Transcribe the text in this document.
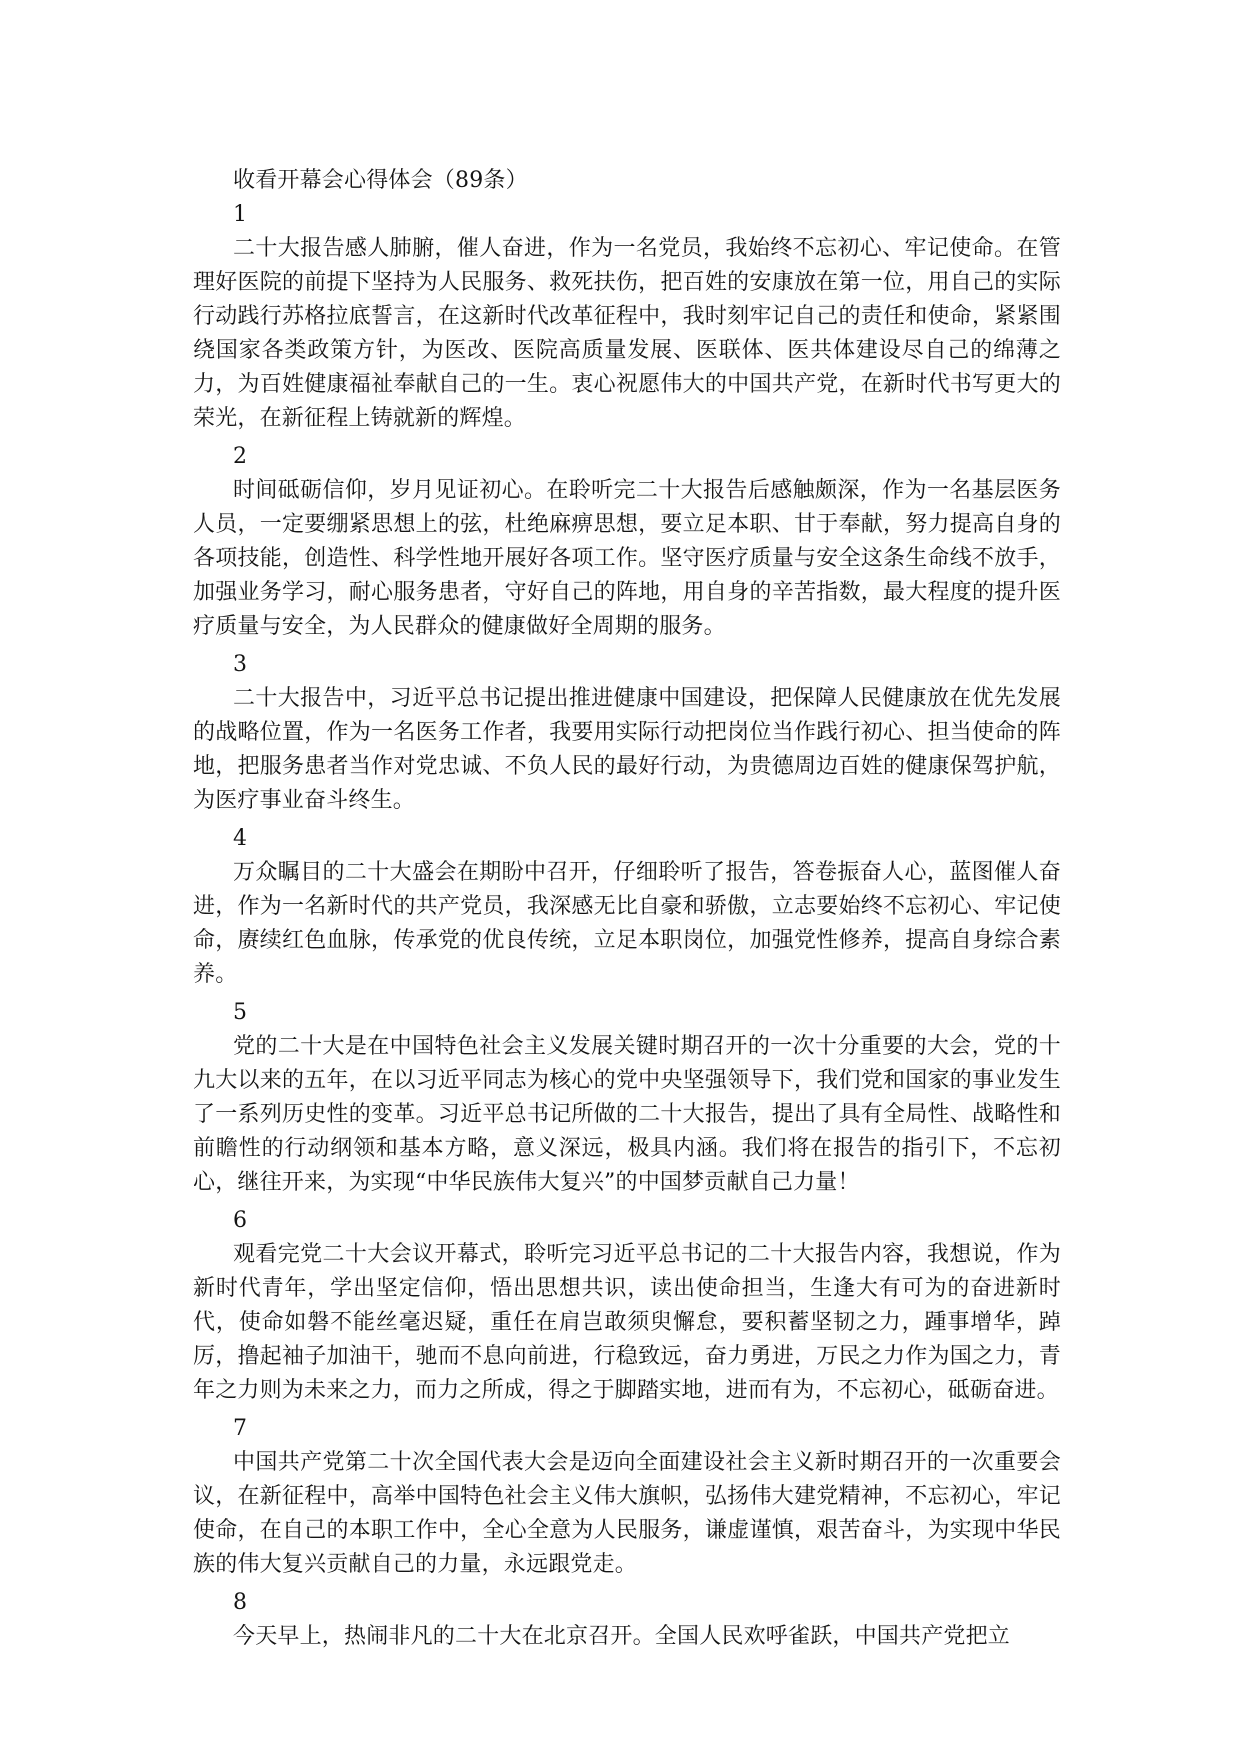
收看开幕会心得体会（89条）
1

二十大报告感人肺腑，催人奋进，作为一名党员，我始终不忘初心、牢记使命。在管理好医院的前提下坚持为人民服务、救死扶伤，把百姓的安康放在第一位，用自己的实际行动践行苏格拉底誓言，在这新时代改革征程中，我时刻牢记自己的责任和使命，紧紧围绕国家各类政策方针，为医改、医院高质量发展、医联体、医共体建设尽自己的绵薄之力，为百姓健康福祉奉献自己的一生。衷心祝愿伟大的中国共产党，在新时代书写更大的荣光，在新征程上铸就新的辉煌。

2

时间砥砺信仰，岁月见证初心。在聆听完二十大报告后感触颇深，作为一名基层医务人员，一定要绷紧思想上的弦，杜绝麻痹思想，要立足本职、甘于奉献，努力提高自身的各项技能，创造性、科学性地开展好各项工作。坚守医疗质量与安全这条生命线不放手，加强业务学习，耐心服务患者，守好自己的阵地，用自身的辛苦指数，最大程度的提升医疗质量与安全，为人民群众的健康做好全周期的服务。

3

二十大报告中，习近平总书记提出推进健康中国建设，把保障人民健康放在优先发展的战略位置，作为一名医务工作者，我要用实际行动把岗位当作践行初心、担当使命的阵地，把服务患者当作对党忠诚、不负人民的最好行动，为贵德周边百姓的健康保驾护航，为医疗事业奋斗终生。

4

万众瞩目的二十大盛会在期盼中召开，仔细聆听了报告，答卷振奋人心，蓝图催人奋进，作为一名新时代的共产党员，我深感无比自豪和骄傲，立志要始终不忘初心、牢记使命，赓续红色血脉，传承党的优良传统，立足本职岗位，加强党性修养，提高自身综合素养。

5

党的二十大是在中国特色社会主义发展关键时期召开的一次十分重要的大会，党的十九大以来的五年，在以习近平同志为核心的党中央坚强领导下，我们党和国家的事业发生了一系列历史性的变革。习近平总书记所做的二十大报告，提出了具有全局性、战略性和前瞻性的行动纲领和基本方略，意义深远，极具内涵。我们将在报告的指引下，不忘初心，继往开来，为实现“中华民族伟大复兴”的中国梦贡献自己力量！

6

观看完党二十大会议开幕式，聆听完习近平总书记的二十大报告内容，我想说，作为新时代青年，学出坚定信仰，悟出思想共识，读出使命担当，生逢大有可为的奋进新时代，使命如磐不能丝毫迟疑，重任在肩岂敢须臾懈怠，要积蓄坚韧之力，踵事增华，踔厉，撸起袖子加油干，驰而不息向前进，行稳致远，奋力勇进，万民之力作为国之力，青年之力则为未来之力，而力之所成，得之于脚踏实地，进而有为，不忘初心，砥砺奋进。

7

中国共产党第二十次全国代表大会是迈向全面建设社会主义新时期召开的一次重要会议，在新征程中，高举中国特色社会主义伟大旗帜，弘扬伟大建党精神，不忘初心，牢记使命，在自己的本职工作中，全心全意为人民服务，谦虚谨慎，艰苦奋斗，为实现中华民族的伟大复兴贡献自己的力量，永远跟党走。

8

今天早上，热闹非凡的二十大在北京召开。全国人民欢呼雀跃，中国共产党把立
